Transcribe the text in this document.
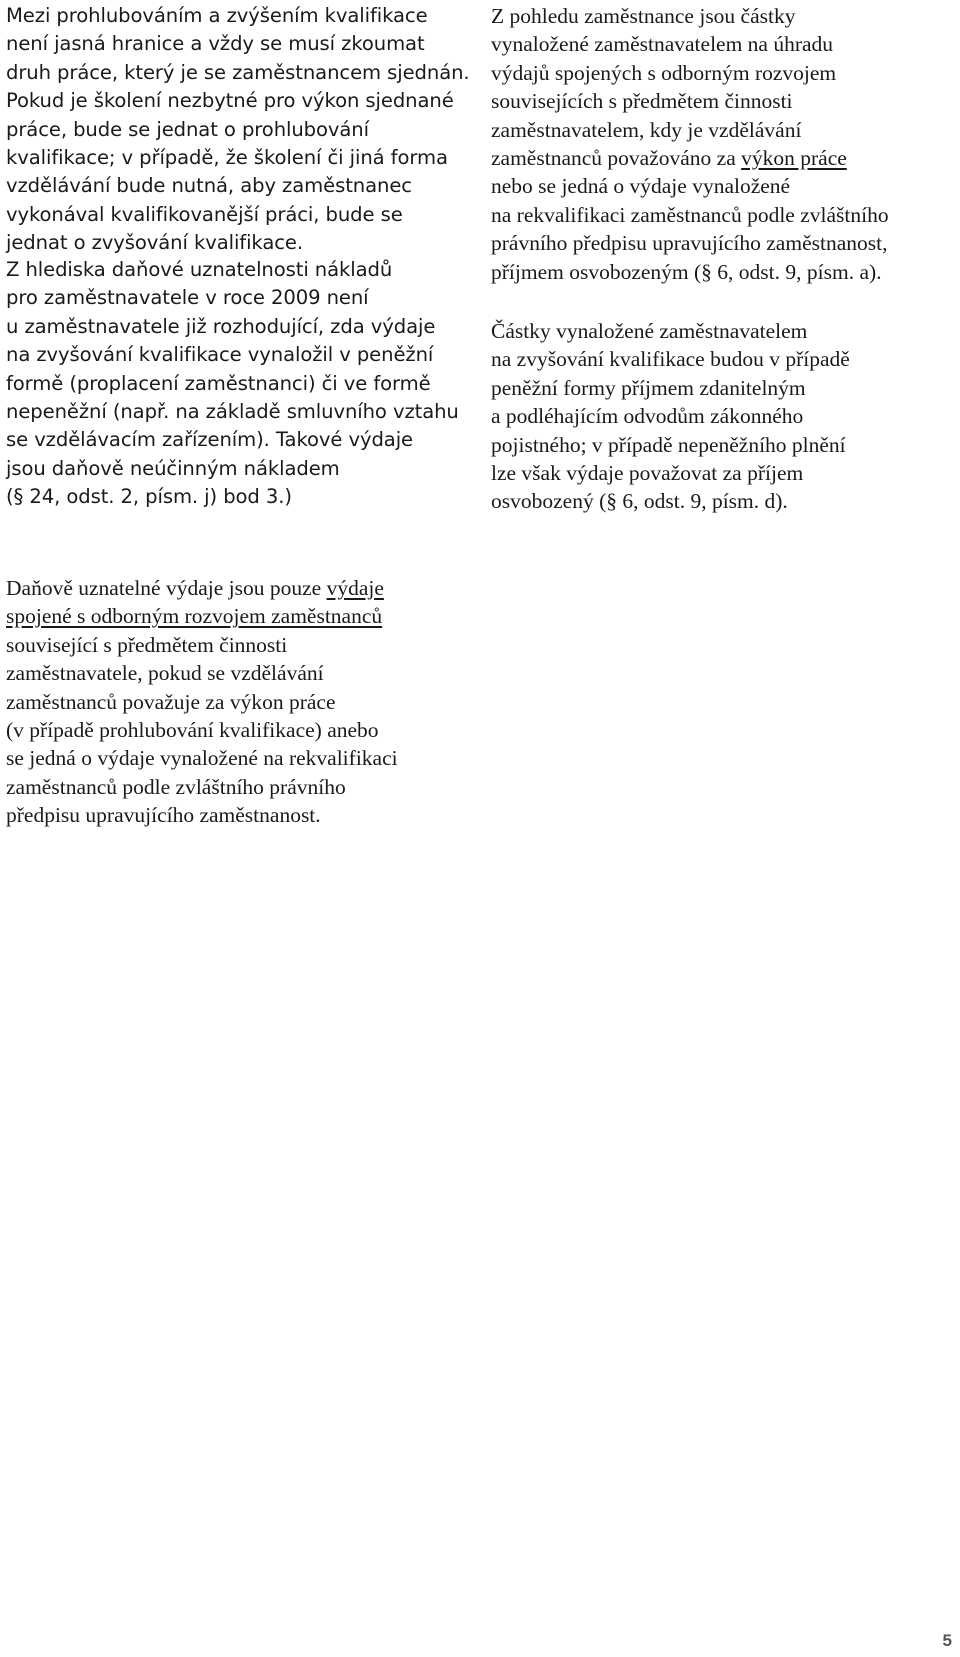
Mezi prohlubováním a zvýšením kvalifikace
není jasná hranice a vždy se musí zkoumat
druh práce, který je se zaměstnancem sjednán.
Pokud je školení nezbytné pro výkon sjednané
práce, bude se jednat o prohlubování
kvalifikace; v případě, že školení či jiná forma
vzdělávání bude nutná, aby zaměstnanec
vykonával kvalifikovanější práci, bude se
jednat o zvyšování kvalifikace.

Z hlediska daňové uznatelnosti nákladů
pro zaměstnavatele v roce 2009 není
u zaměstnavatele již rozhodující, zda výdaje
na zvyšování kvalifikace vynaložil v peněžní
formě (proplacení zaměstnanci) či ve formě
nepeněžní (např. na základě smluvního vztahu
se vzdělávacím zařízením). Takové výdaje
jsou daňově neúčinným nákladem
(§ 24, odst. 2, písm. j) bod 3.)

Daňově uznatelné výdaje jsou pouze výdaje
spojené s odborným rozvojem zaměstnanců
související s předmětem činnosti
zaměstnavatele, pokud se vzdělávání
zaměstnanců považuje za výkon práce
(v případě prohlubování kvalifikace) anebo
se jedná o výdaje vynaložené na rekvalifikaci
zaměstnanců podle zvláštního právního
předpisu upravujícího zaměstnanost.

Z pohledu zaměstnance jsou částky
vynaložené zaměstnavatelem na úhradu
výdajů spojených s odborným rozvojem
souvisejících s předmětem činnosti
zaměstnavatelem, kdy je vzdělávání
zaměstnanců považováno za výkon práce
nebo se jedná o výdaje vynaložené
na rekvalifikaci zaměstnanců podle zvláštního
právního předpisu upravujícího zaměstnanost,
příjmem osvobozeným (§ 6, odst. 9, písm. a).

Částky vynaložené zaměstnavatelem
na zvyšování kvalifikace budou v případě
peněžní formy příjmem zdanitelným
a podléhajícím odvodům zákonného
pojistného; v případě nepeněžního plnění
lze však výdaje považovat za příjem
osvobozený (§ 6, odst. 9, písm. d).

5
